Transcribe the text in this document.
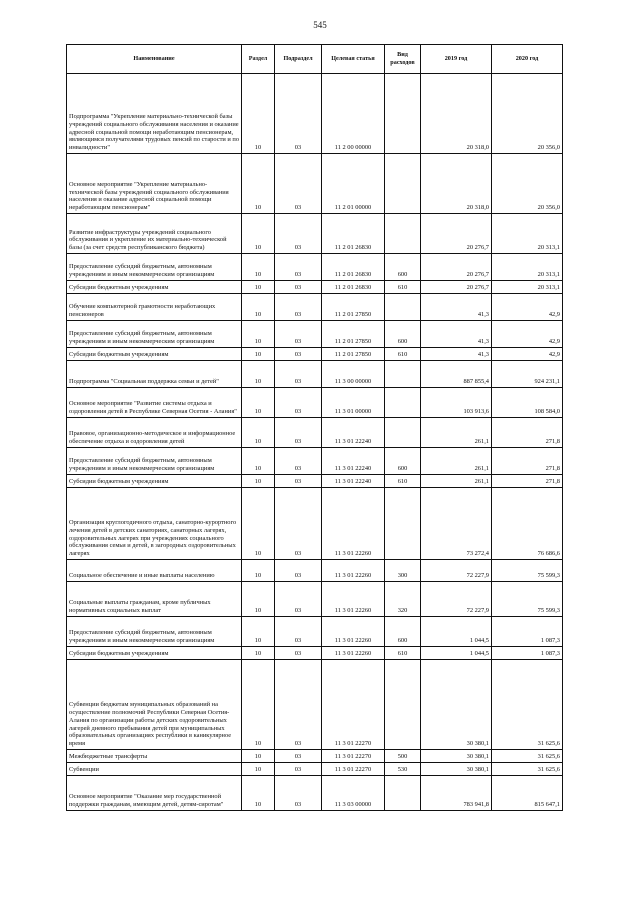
545
Наименование	Раздел	Подраздел	Целевая статья	Вид расходов	2019 год	2020 год
Подпрограмма "Укрепление материально-технической базы учреждений социального обслуживания населения и оказание адресной социальной помощи неработающим пенсионерам, являющимся получателями трудовых пенсий по старости и по инвалидности"	10	03	11 2 00 00000		20 318,0	20 356,0
Основное мероприятие "Укрепление материально-технической базы учреждений социального обслуживания населения и оказание адресной социальной помощи неработающим пенсионерам"	10	03	11 2 01 00000		20 318,0	20 356,0
Развитие инфраструктуры учреждений социального обслуживания и укрепление их материально-технической базы (за счет средств республиканского бюджета)	10	03	11 2 01 26830		20 276,7	20 313,1
Предоставление субсидий бюджетным, автономным учреждениям и иным некоммерческим организациям	10	03	11 2 01 26830	600	20 276,7	20 313,1
Субсидии бюджетным учреждениям	10	03	11 2 01 26830	610	20 276,7	20 313,1
Обучение компьютерной грамотности неработающих пенсионеров	10	03	11 2 01 27850		41,3	42,9
Предоставление субсидий бюджетным, автономным учреждениям и иным некоммерческим организациям	10	03	11 2 01 27850	600	41,3	42,9
Субсидии бюджетным учреждениям	10	03	11 2 01 27850	610	41,3	42,9
Подпрограмма "Социальная поддержка семьи и детей"	10	03	11 3 00 00000		887 855,4	924 231,1
Основное мероприятие "Развитие системы отдыха и оздоровления детей в Республике Северная Осетия - Алания"	10	03	11 3 01 00000		103 913,6	108 584,0
Правовое, организационно-методическое и информационное обеспечение отдыха и оздоровления детей	10	03	11 3 01 22240		261,1	271,8
Предоставление субсидий бюджетным, автономным учреждениям и иным некоммерческим организациям	10	03	11 3 01 22240	600	261,1	271,8
Субсидии бюджетным учреждениям	10	03	11 3 01 22240	610	261,1	271,8
Организация круглогодичного отдыха, санаторно-курортного лечения детей в детских санаториях, санаторных лагерях, оздоровительных лагерях при учреждениях социального обслуживания семьи и детей, в загородных оздоровительных лагерях	10	03	11 3 01 22260		73 272,4	76 686,6
Социальное обеспечение и иные выплаты населению	10	03	11 3 01 22260	300	72 227,9	75 599,3
Социальные выплаты гражданам, кроме публичных нормативных социальных выплат	10	03	11 3 01 22260	320	72 227,9	75 599,3
Предоставление субсидий бюджетным, автономным учреждениям и иным некоммерческим организациям	10	03	11 3 01 22260	600	1 044,5	1 087,3
Субсидии бюджетным учреждениям	10	03	11 3 01 22260	610	1 044,5	1 087,3
Субвенции бюджетам муниципальных образований на осуществление полномочий Республики Северная Осетия-Алания по организации работы детских оздоровительных лагерей дневного пребывания детей при муниципальных образовательных организациях республики в каникулярное время	10	03	11 3 01 22270		30 380,1	31 625,6
Межбюджетные трансферты	10	03	11 3 01 22270	500	30 380,1	31 625,6
Субвенции	10	03	11 3 01 22270	530	30 380,1	31 625,6
Основное мероприятие "Оказание мер государственной поддержки гражданам, имеющим детей, детям-сиротам"	10	03	11 3 03 00000		783 941,8	815 647,1
